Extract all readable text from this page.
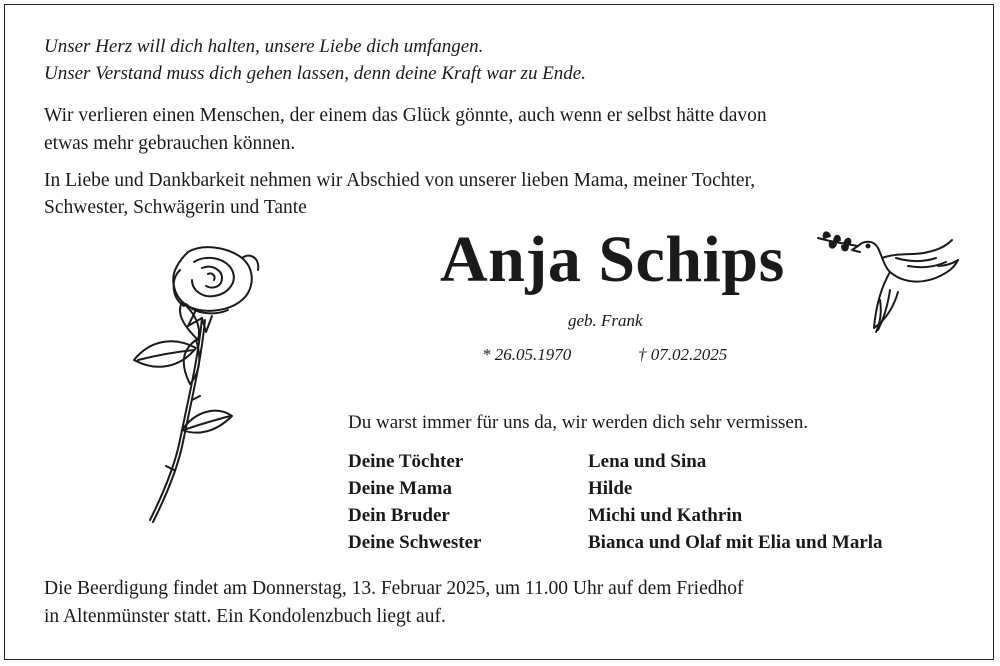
Unser Herz will dich halten, unsere Liebe dich umfangen.
Unser Verstand muss dich gehen lassen, denn deine Kraft war zu Ende.
Wir verlieren einen Menschen, der einem das Glück gönnte, auch wenn er selbst hätte davon
etwas mehr gebrauchen können.
In Liebe und Dankbarkeit nehmen wir Abschied von unserer lieben Mama, meiner Tochter,
Schwester, Schwägerin und Tante
Anja Schips
geb. Frank
* 26.05.1970	† 07.02.2025
Du warst immer für uns da, wir werden dich sehr vermissen.
Deine Töchter	Lena und Sina
Deine Mama	Hilde
Dein Bruder	Michi und Kathrin
Deine Schwester	Bianca und Olaf mit Elia und Marla
Die Beerdigung findet am Donnerstag, 13. Februar 2025, um 11.00 Uhr auf dem Friedhof
in Altenmünster statt. Ein Kondolenzbuch liegt auf.
